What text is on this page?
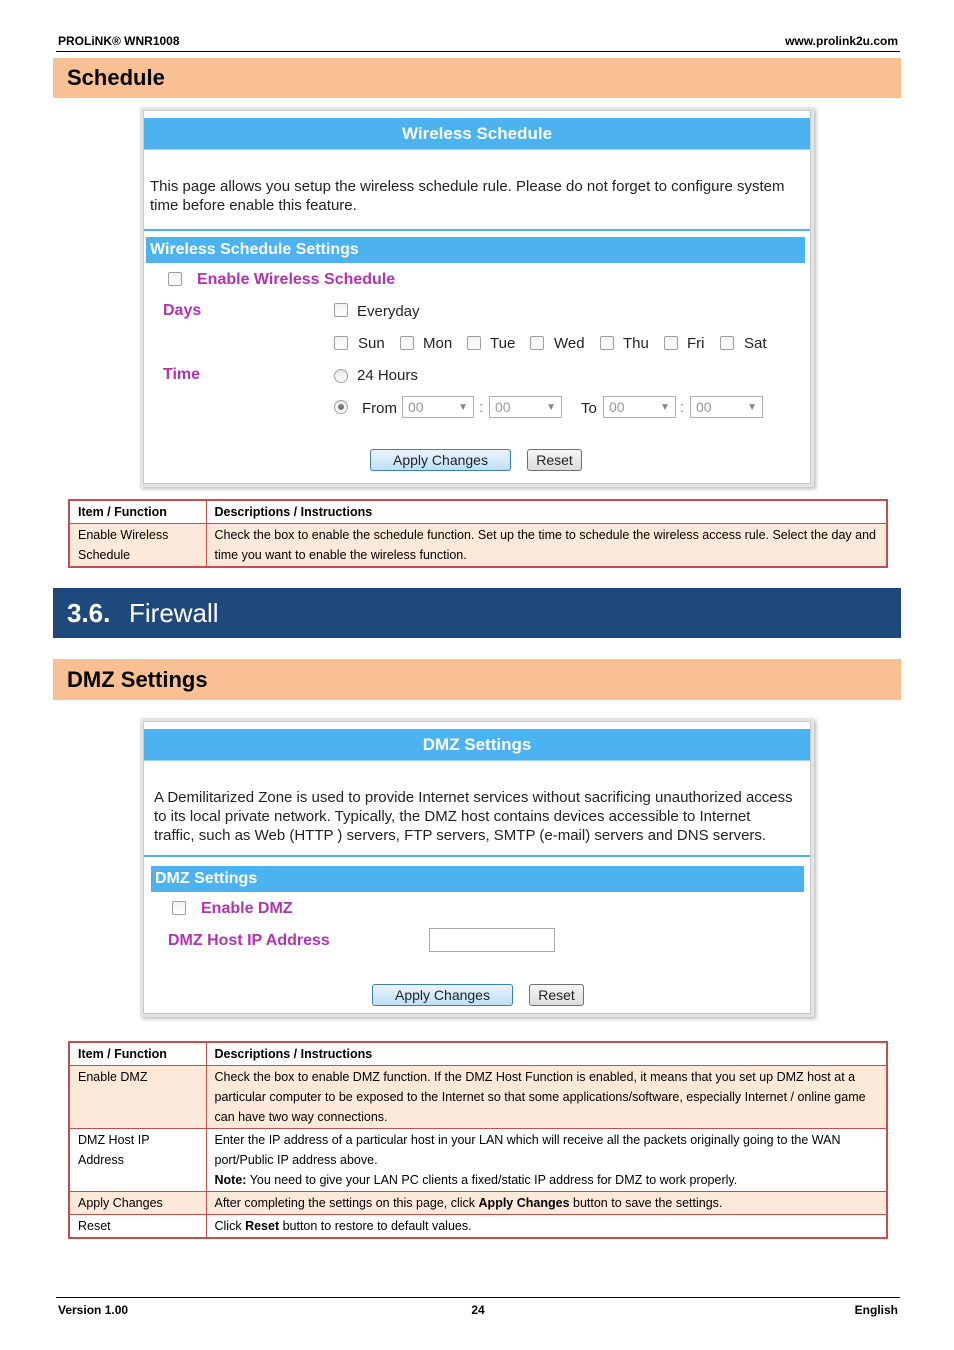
PROLiNK® WNR1008	www.prolink2u.com
Schedule
Wireless Schedule
This page allows you setup the wireless schedule rule. Please do not forget to configure system
time before enable this feature.
Wireless Schedule Settings
Enable Wireless Schedule
Days	Everyday
Sun	Mon	Tue	Wed	Thu	Fri	Sat
Time	24 Hours
From 00	▼ : 00	▼ To 00	▼ : 00	▼
Apply Changes	Reset
Item / Function	Descriptions / Instructions

Enable Wireless
Schedule	Check the box to enable the schedule function. Set up the time to schedule the wireless access rule. Select the day and time you want to enable the wireless function.
3.6. Firewall
DMZ Settings
DMZ Settings
A Demilitarized Zone is used to provide Internet services without sacrificing unauthorized access
to its local private network. Typically, the DMZ host contains devices accessible to Internet
traffic, such as Web (HTTP ) servers, FTP servers, SMTP (e-mail) servers and DNS servers.
DMZ Settings
Enable DMZ
DMZ Host IP Address
Apply Changes	Reset
Item / Function	Descriptions / Instructions
Enable DMZ	Check the box to enable DMZ function. If the DMZ Host Function is enabled, it means that you set up DMZ host at a particular computer to be exposed to the Internet so that some applications/software, especially Internet / online game can have two way connections.
DMZ Host IP Address	Enter the IP address of a particular host in your LAN which will receive all the packets originally going to the WAN port/Public IP address above.
Note: You need to give your LAN PC clients a fixed/static IP address for DMZ to work properly.
Apply Changes	After completing the settings on this page, click Apply Changes button to save the settings.
Reset	Click Reset button to restore to default values.
Version 1.00	24	English
